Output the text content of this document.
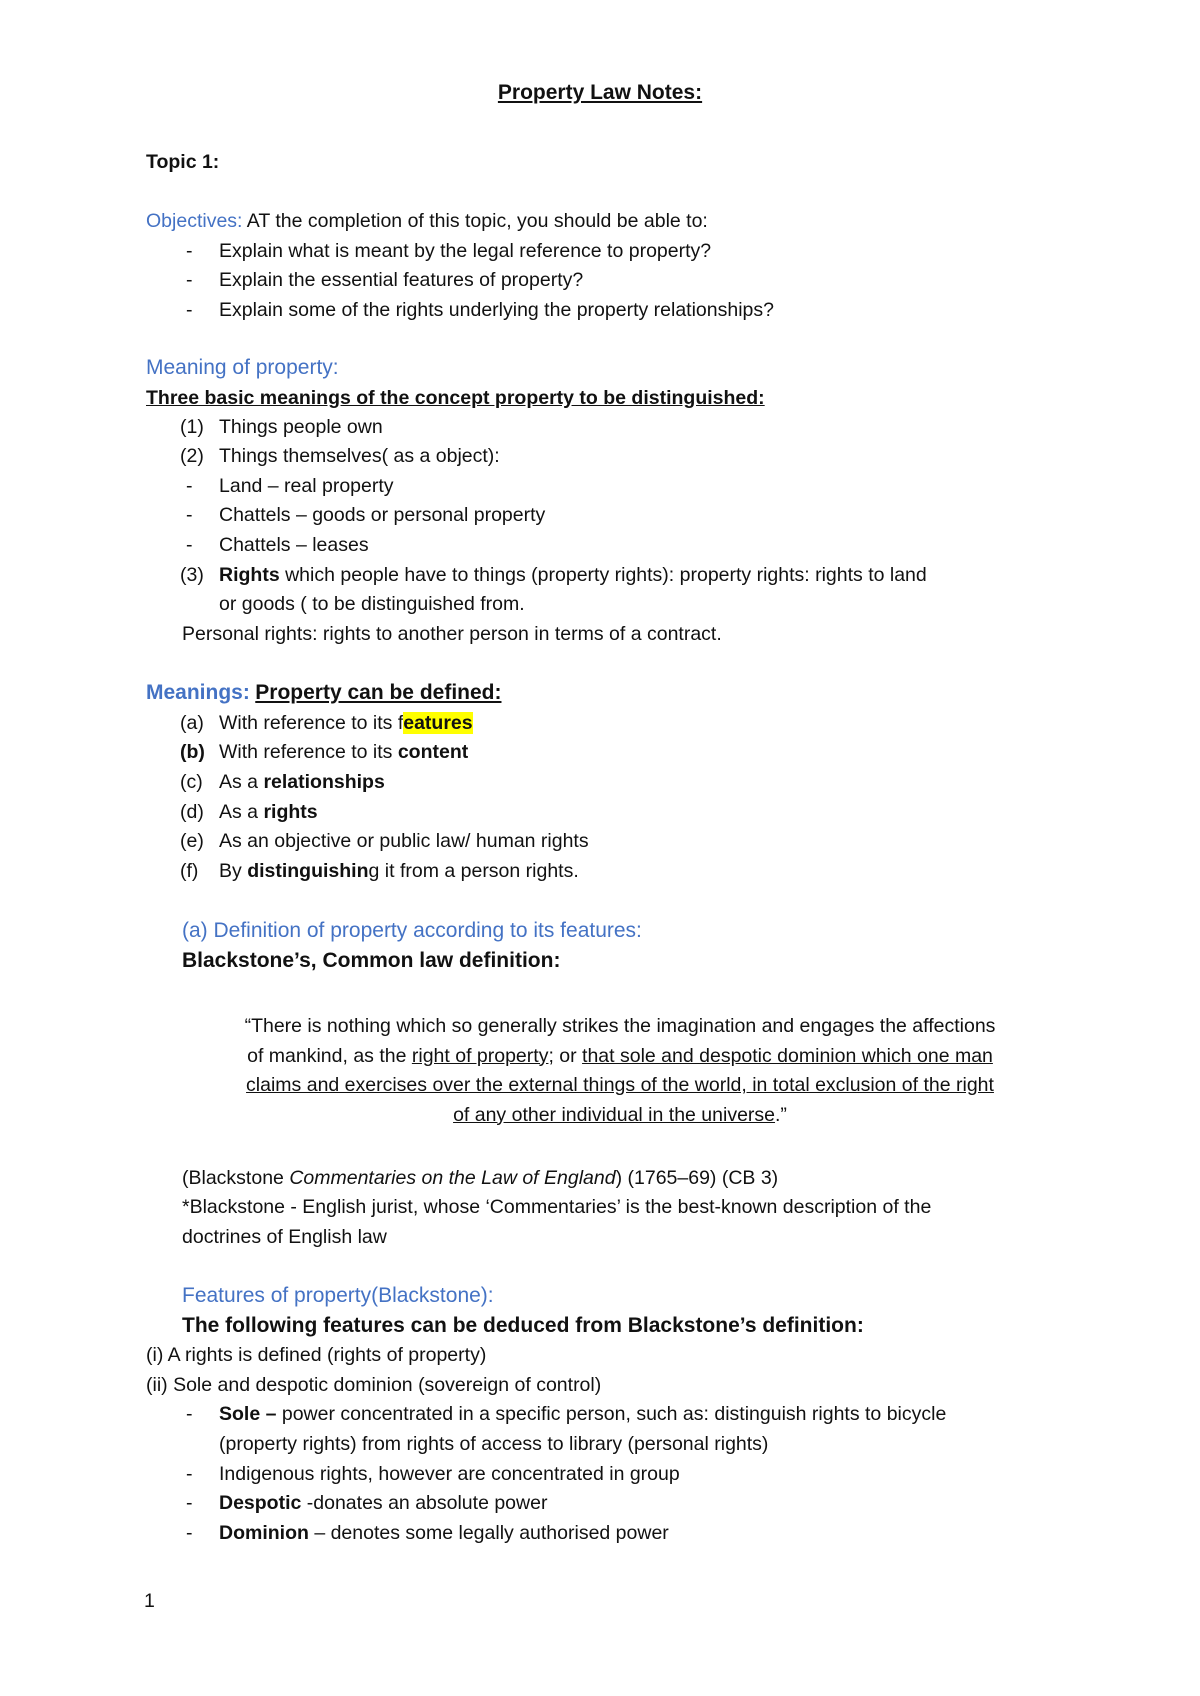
Property Law Notes:
Topic 1:
Objectives: AT the completion of this topic, you should be able to:
- Explain what is meant by the legal reference to property?
- Explain the essential features of property?
- Explain some of the rights underlying the property relationships?
Meaning of property:
Three basic meanings of the concept property to be distinguished:
(1) Things people own
(2) Things themselves( as a object):
- Land – real property
- Chattels – goods or personal property
- Chattels – leases
(3) Rights which people have to things (property rights): property rights: rights to land
or goods ( to be distinguished from.
Personal rights: rights to another person in terms of a contract.
Meanings: Property can be defined:
(a) With reference to its features
(b) With reference to its content
(c) As a relationships
(d) As a rights
(e) As an objective or public law/ human rights
(f) By distinguishing it from a person rights.
(a) Definition of property according to its features:
Blackstone’s, Common law definition:
“There is nothing which so generally strikes the imagination and engages the affections
of mankind, as the right of property; or that sole and despotic dominion which one man
claims and exercises over the external things of the world, in total exclusion of the right
of any other individual in the universe.”
(Blackstone Commentaries on the Law of England) (1765–69) (CB 3)
*Blackstone - English jurist, whose ‘Commentaries’ is the best-known description of the
doctrines of English law
Features of property(Blackstone):
The following features can be deduced from Blackstone’s definition:
(i) A rights is defined (rights of property)
(ii) Sole and despotic dominion (sovereign of control)
- Sole – power concentrated in a specific person, such as: distinguish rights to bicycle
(property rights) from rights of access to library (personal rights)
- Indigenous rights, however are concentrated in group
- Despotic -donates an absolute power
- Dominion – denotes some legally authorised power
1
